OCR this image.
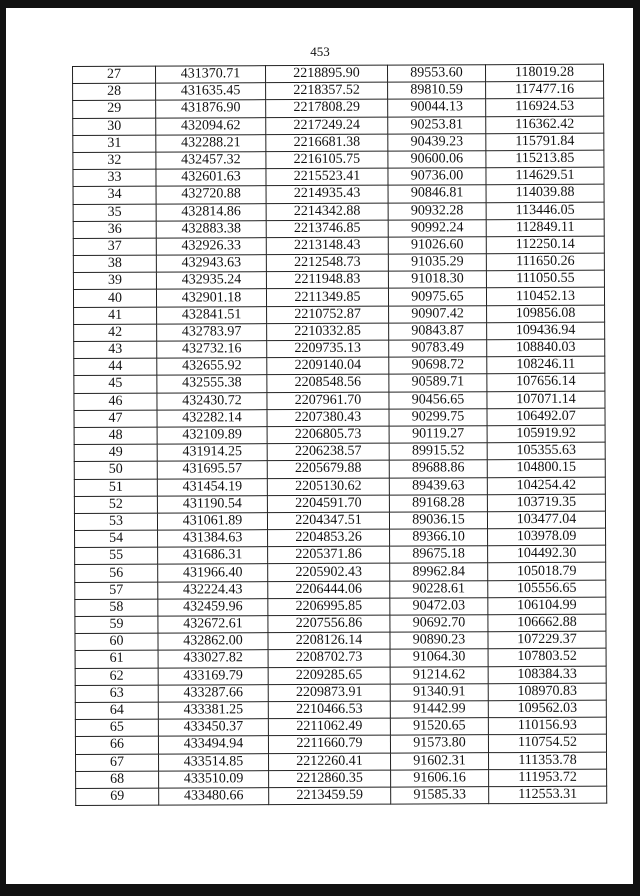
453
27	431370.71	2218895.90	89553.60	118019.28
28	431635.45	2218357.52	89810.59	117477.16
29	431876.90	2217808.29	90044.13	116924.53
30	432094.62	2217249.24	90253.81	116362.42
31	432288.21	2216681.38	90439.23	115791.84
32	432457.32	2216105.75	90600.06	115213.85
33	432601.63	2215523.41	90736.00	114629.51
34	432720.88	2214935.43	90846.81	114039.88
35	432814.86	2214342.88	90932.28	113446.05
36	432883.38	2213746.85	90992.24	112849.11
37	432926.33	2213148.43	91026.60	112250.14
38	432943.63	2212548.73	91035.29	111650.26
39	432935.24	2211948.83	91018.30	111050.55
40	432901.18	2211349.85	90975.65	110452.13
41	432841.51	2210752.87	90907.42	109856.08
42	432783.97	2210332.85	90843.87	109436.94
43	432732.16	2209735.13	90783.49	108840.03
44	432655.92	2209140.04	90698.72	108246.11
45	432555.38	2208548.56	90589.71	107656.14
46	432430.72	2207961.70	90456.65	107071.14
47	432282.14	2207380.43	90299.75	106492.07
48	432109.89	2206805.73	90119.27	105919.92
49	431914.25	2206238.57	89915.52	105355.63
50	431695.57	2205679.88	89688.86	104800.15
51	431454.19	2205130.62	89439.63	104254.42
52	431190.54	2204591.70	89168.28	103719.35
53	431061.89	2204347.51	89036.15	103477.04
54	431384.63	2204853.26	89366.10	103978.09
55	431686.31	2205371.86	89675.18	104492.30
56	431966.40	2205902.43	89962.84	105018.79
57	432224.43	2206444.06	90228.61	105556.65
58	432459.96	2206995.85	90472.03	106104.99
59	432672.61	2207556.86	90692.70	106662.88
60	432862.00	2208126.14	90890.23	107229.37
61	433027.82	2208702.73	91064.30	107803.52
62	433169.79	2209285.65	91214.62	108384.33
63	433287.66	2209873.91	91340.91	108970.83
64	433381.25	2210466.53	91442.99	109562.03
65	433450.37	2211062.49	91520.65	110156.93
66	433494.94	2211660.79	91573.80	110754.52
67	433514.85	2212260.41	91602.31	111353.78
68	433510.09	2212860.35	91606.16	111953.72
69	433480.66	2213459.59	91585.33	112553.31
